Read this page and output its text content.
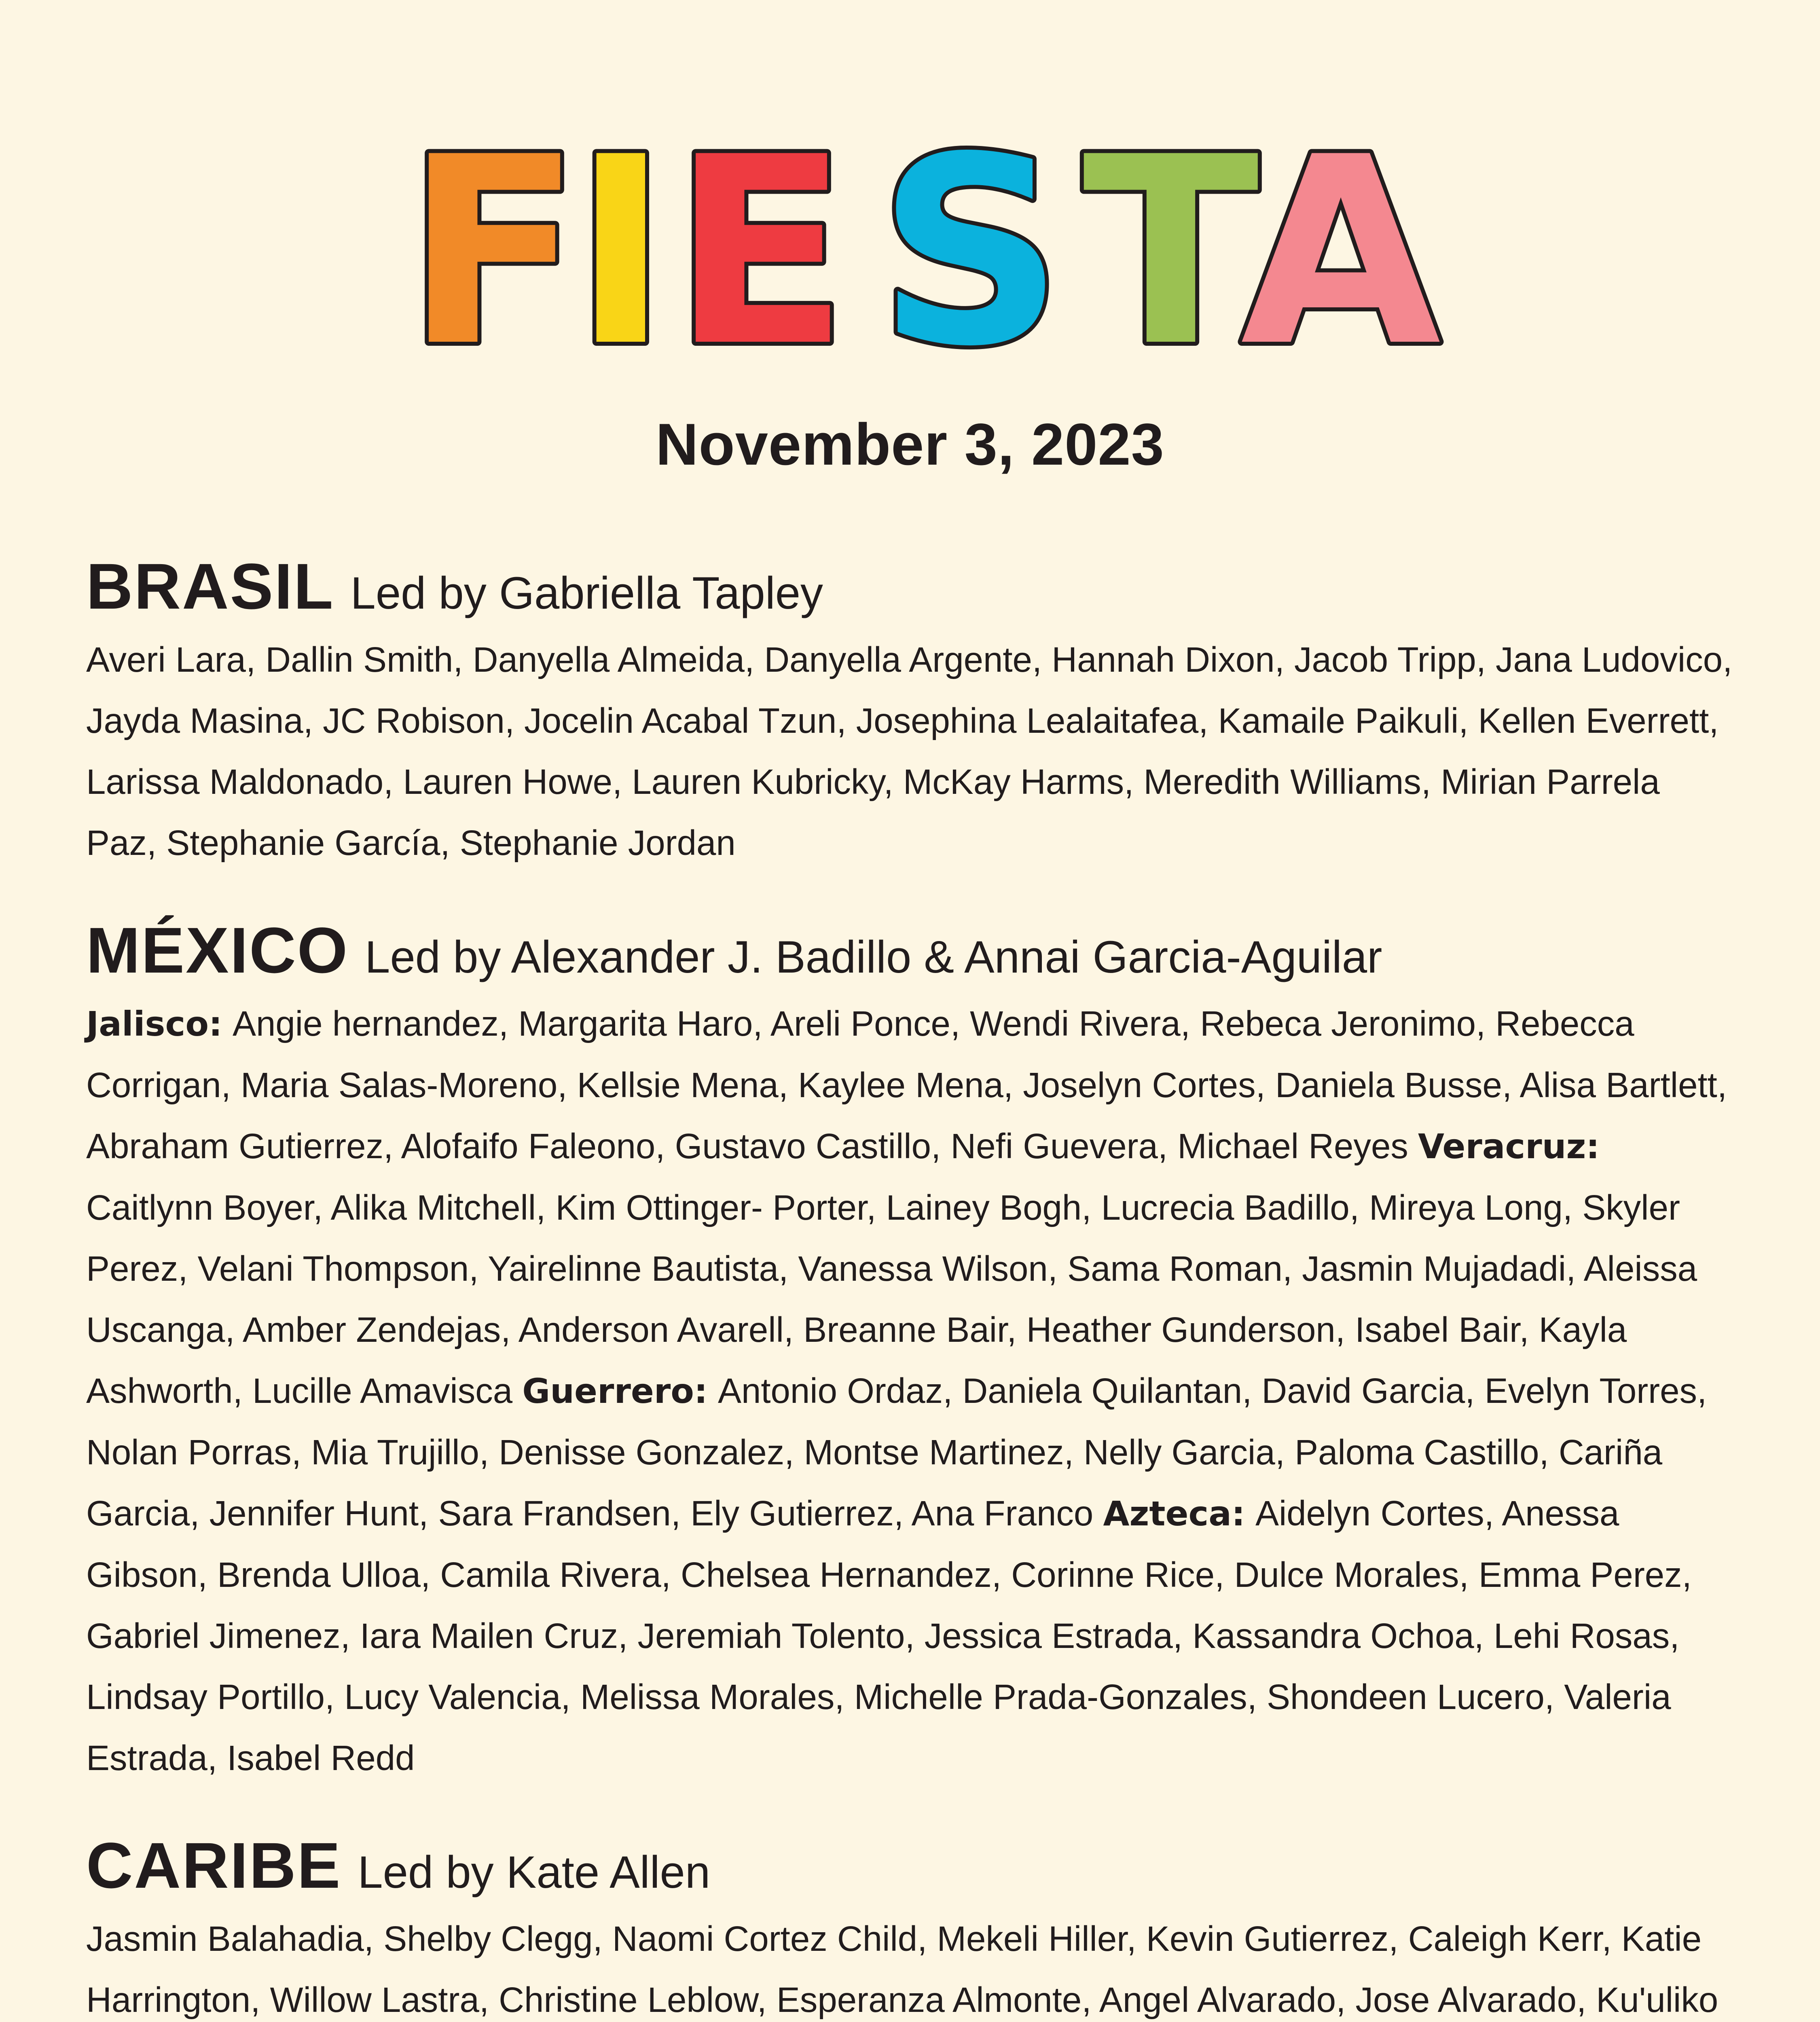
F
I E S T
A
November 3, 2023
BRASIL Led by Gabriella Tapley
Averi Lara, Dallin Smith, Danyella Almeida, Danyella Argente, Hannah Dixon, Jacob Tripp, Jana Ludovico, Jayda Masina, JC Robison, Jocelin Acabal Tzun, Josephina Lealaitafea, Kamaile Paikuli, Kellen Everrett, Larissa Maldonado, Lauren Howe, Lauren Kubricky, McKay Harms, Meredith Williams, Mirian Parrela Paz, Stephanie García, Stephanie Jordan
MÉXICO Led by Alexander J. Badillo & Annai Garcia-Aguilar
Jalisco: Angie hernandez, Margarita Haro, Areli Ponce, Wendi Rivera, Rebeca Jeronimo, Rebecca Corrigan, Maria Salas-Moreno, Kellsie Mena, Kaylee Mena, Joselyn Cortes, Daniela Busse, Alisa Bartlett, Abraham Gutierrez, Alofaifo Faleono, Gustavo Castillo, Nefi Guevera, Michael Reyes Veracruz: Caitlynn Boyer, Alika Mitchell, Kim Ottinger- Porter, Lainey Bogh, Lucrecia Badillo, Mireya Long, Skyler Perez, Velani Thompson, Yairelinne Bautista, Vanessa Wilson, Sama Roman, Jasmin Mujadadi, Aleissa Uscanga, Amber Zendejas, Anderson Avarell, Breanne Bair, Heather Gunderson, Isabel Bair, Kayla Ashworth, Lucille Amavisca Guerrero: Antonio Ordaz, Daniela Quilantan, David Garcia, Evelyn Torres, Nolan Porras, Mia Trujillo, Denisse Gonzalez, Montse Martinez, Nelly Garcia, Paloma Castillo, Cariña Garcia, Jennifer Hunt, Sara Frandsen, Ely Gutierrez, Ana Franco Azteca: Aidelyn Cortes, Anessa Gibson, Brenda Ulloa, Camila Rivera, Chelsea Hernandez, Corinne Rice, Dulce Morales, Emma Perez, Gabriel Jimenez, Iara Mailen Cruz, Jeremiah Tolento, Jessica Estrada, Kassandra Ochoa, Lehi Rosas, Lindsay Portillo, Lucy Valencia, Melissa Morales, Michelle Prada-Gonzales, Shondeen Lucero, Valeria Estrada, Isabel Redd
CARIBE Led by Kate Allen
Jasmin Balahadia, Shelby Clegg, Naomi Cortez Child, Mekeli Hiller, Kevin Gutierrez, Caleigh Kerr, Katie Harrington, Willow Lastra, Christine Leblow, Esperanza Almonte, Angel Alvarado, Jose Alvarado, Ku'uliko
